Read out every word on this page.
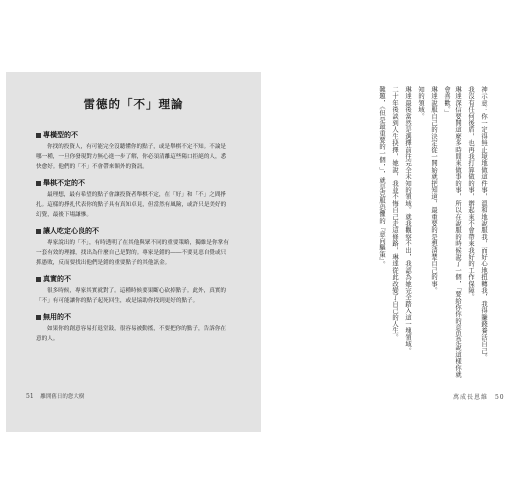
雷德的「不」理論
專橫型的不

你找的投資人，有可能完全沒聽懂你的點子，或是舉棋不定不知。不論是哪一種，一旦你發現對方無心進一步了解，你必須清離這些陽口拒絕的人，悉快愈好。他們的「不」不會帶來額外的資訊。

舉棋不定的不

最理想，最有希望的點子會讓投資者舉棋不定，在「好」和「不」之間掙扎。這樣的掙扎代表你的點子具有真知卓見，但當然有風險，或許只是美好的幻覺，最後下場謙慘。

讓人吃定心良的不

專家說出的「不」，有時透明了在其他與眾不同的重要策略，獨維是你掌有一套有效的理據，找出為什麼自己是對的。專家是錯的――不要見惡自覺或只抓愚敗，反而要找出他們是錯的重要點子的其他訊金。

真實的不

很多時候，專家其實就對了。這種時候要果斷心砍掉點子。此外，真實的「不」有可能讓你的點子起死回生，或是協助你找到更好的點子。

無用的不

如果你的創意容易打退堂鼓，很容易被動搖，不要把你的點子，告訴你在意的人。

51 離開舊日的您大樹

神示意：你一定得無止境地做這件事，溫和地說服我，而好心地扭轉我，我得賺錢養活自己。

我沒有任何後盾，也再我打算做的事，辦起來不會帶來我好的工作保障。

琳達深信要開這麼多時間來做事的事，所以在說服的時候說了一個，「要給你你的意思是說這樣你就會喜歡。」

琳達說服自己的決定從一開始就把知道，最重要的是想清楚自己的事。

知的領域。

琳達最後當然是選擇前往完全未知的領域。就我觀察不出，我認為她完全踏入這一塊領域。

二十年後談到人生抉擇，她說，我並不悔自己走這條路，琳達從此改變了自己的人生。

難題，《但是最重要的一個，」，就是克服恐懼的『意向驅策』。

萬成長恩維 50
